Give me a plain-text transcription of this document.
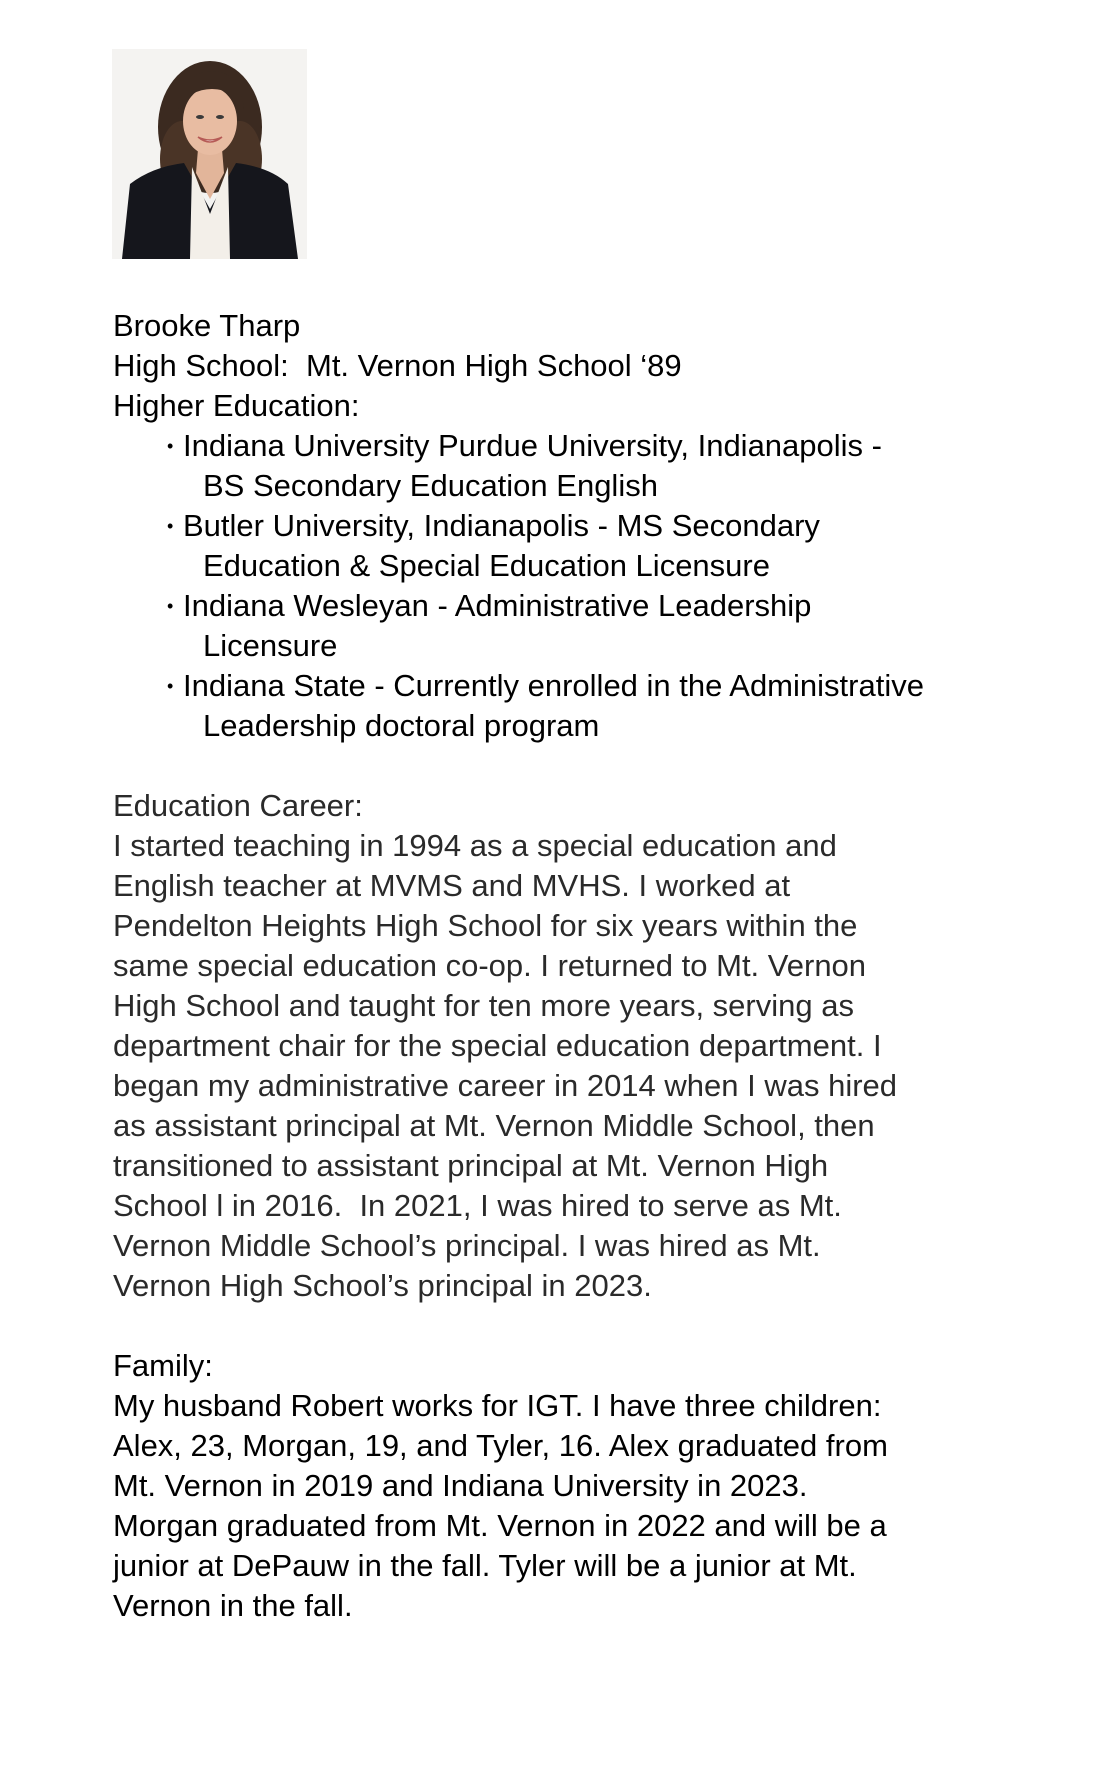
Brooke Tharp
High School:  Mt. Vernon High School ‘89
Higher Education:
• Indiana University Purdue University, Indianapolis -
BS Secondary Education English
• Butler University, Indianapolis - MS Secondary
Education & Special Education Licensure
• Indiana Wesleyan - Administrative Leadership
Licensure
• Indiana State - Currently enrolled in the Administrative
Leadership doctoral program
Education Career:
I started teaching in 1994 as a special education and
English teacher at MVMS and MVHS. I worked at
Pendelton Heights High School for six years within the
same special education co-op. I returned to Mt. Vernon
High School and taught for ten more years, serving as
department chair for the special education department. I
began my administrative career in 2014 when I was hired
as assistant principal at Mt. Vernon Middle School, then
transitioned to assistant principal at Mt. Vernon High
School l in 2016.  In 2021, I was hired to serve as Mt.
Vernon Middle School’s principal. I was hired as Mt.
Vernon High School’s principal in 2023.
Family:
My husband Robert works for IGT. I have three children:
Alex, 23, Morgan, 19, and Tyler, 16. Alex graduated from
Mt. Vernon in 2019 and Indiana University in 2023.
Morgan graduated from Mt. Vernon in 2022 and will be a
junior at DePauw in the fall. Tyler will be a junior at Mt.
Vernon in the fall.
